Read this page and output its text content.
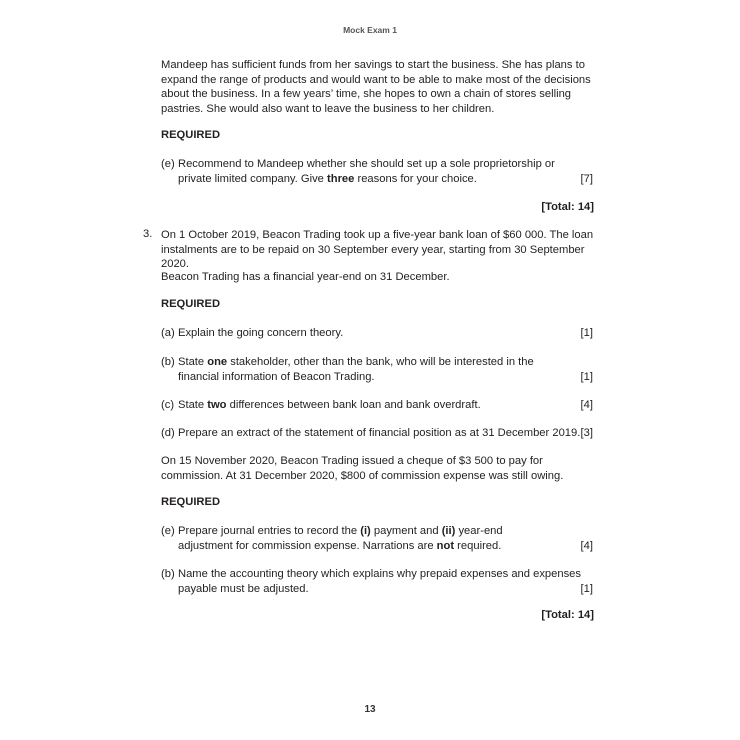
Mock Exam 1
Mandeep has sufficient funds from her savings to start the business. She has plans to expand the range of products and would want to be able to make most of the decisions about the business. In a few years’ time, she hopes to own a chain of stores selling pastries. She would also want to leave the business to her children.
REQUIRED
(e) Recommend to Mandeep whether she should set up a sole proprietorship or private limited company. Give three reasons for your choice.	[7]
[Total: 14]
3. On 1 October 2019, Beacon Trading took up a five-year bank loan of $60 000. The loan instalments are to be repaid on 30 September every year, starting from 30 September 2020.
Beacon Trading has a financial year-end on 31 December.
REQUIRED
(a) Explain the going concern theory.	[1]
(b) State one stakeholder, other than the bank, who will be interested in the financial information of Beacon Trading.	[1]
(c) State two differences between bank loan and bank overdraft.	[4]
(d) Prepare an extract of the statement of financial position as at 31 December 2019. [3]
On 15 November 2020, Beacon Trading issued a cheque of $3 500 to pay for commission. At 31 December 2020, $800 of commission expense was still owing.
REQUIRED
(e) Prepare journal entries to record the (i) payment and (ii) year-end adjustment for commission expense. Narrations are not required.	[4]
(b) Name the accounting theory which explains why prepaid expenses and expenses payable must be adjusted.	[1]
[Total: 14]
13
